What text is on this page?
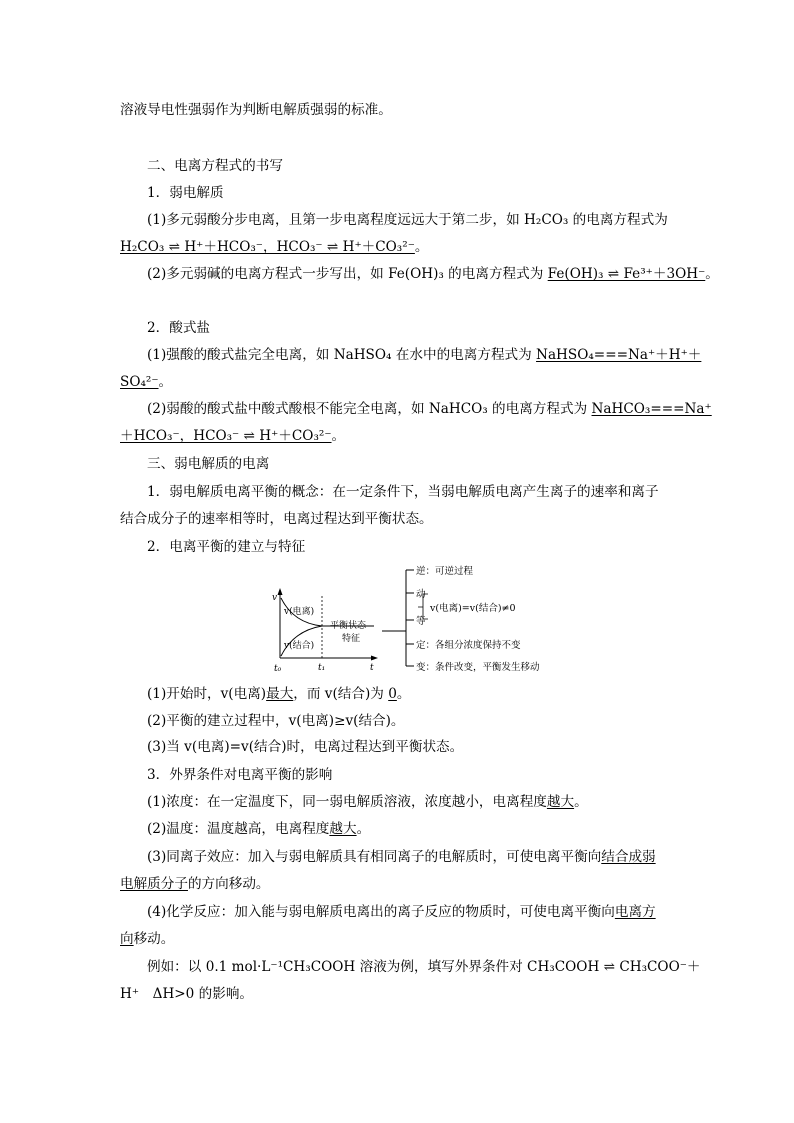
溶液导电性强弱作为判断电解质强弱的标准。
二、电离方程式的书写
1．弱电解质
(1)多元弱酸分步电离，且第一步电离程度远远大于第二步，如 H₂CO₃ 的电离方程式为
H₂CO₃ ⇌ H⁺＋HCO₃⁻，HCO₃⁻ ⇌ H⁺＋CO₃²⁻。
(2)多元弱碱的电离方程式一步写出，如 Fe(OH)₃ 的电离方程式为 Fe(OH)₃ ⇌ Fe³⁺＋3OH⁻。
2．酸式盐
(1)强酸的酸式盐完全电离，如 NaHSO₄ 在水中的电离方程式为 NaHSO₄===Na⁺＋H⁺＋
SO₄²⁻。
(2)弱酸的酸式盐中酸式酸根不能完全电离，如 NaHCO₃ 的电离方程式为 NaHCO₃===Na⁺
＋HCO₃⁻，HCO₃⁻ ⇌ H⁺＋CO₃²⁻。
三、弱电解质的电离
1．弱电解质电离平衡的概念：在一定条件下，当弱电解质电离产生离子的速率和离子
结合成分子的速率相等时，电离过程达到平衡状态。
2．电离平衡的建立与特征
v
t
t₀	t₁
v(电离)
v(结合)
平衡状态
特征
逆：可逆过程
动
等
v(电离)=v(结合)≠0
定：各组分浓度保持不变
变：条件改变，平衡发生移动
(1)开始时，v(电离)最大，而 v(结合)为 0。
(2)平衡的建立过程中，v(电离)≥v(结合)。
(3)当 v(电离)=v(结合)时，电离过程达到平衡状态。
3．外界条件对电离平衡的影响
(1)浓度：在一定温度下，同一弱电解质溶液，浓度越小，电离程度越大。
(2)温度：温度越高，电离程度越大。
(3)同离子效应：加入与弱电解质具有相同离子的电解质时，可使电离平衡向结合成弱
电解质分子的方向移动。
(4)化学反应：加入能与弱电解质电离出的离子反应的物质时，可使电离平衡向电离方
向移动。
例如：以 0.1 mol·L⁻¹CH₃COOH 溶液为例，填写外界条件对 CH₃COOH ⇌ CH₃COO⁻＋
H⁺　ΔH>0 的影响。
